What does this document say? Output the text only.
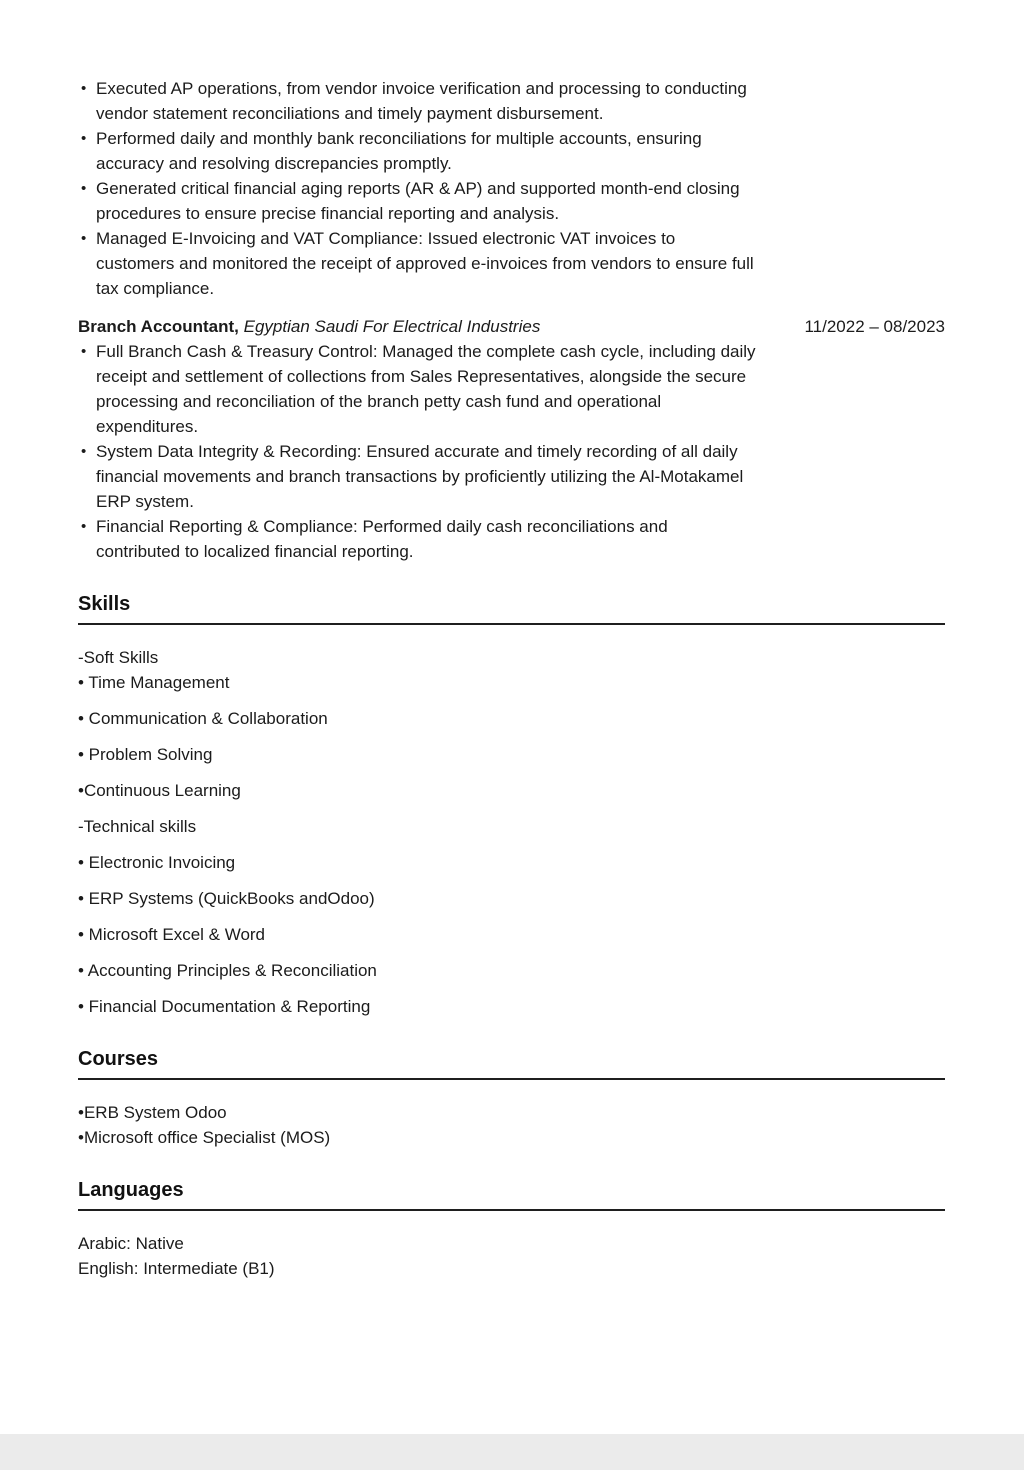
• Executed AP operations, from vendor invoice verification and processing to conducting vendor statement reconciliations and timely payment disbursement.
• Performed daily and monthly bank reconciliations for multiple accounts, ensuring accuracy and resolving discrepancies promptly.
• Generated critical financial aging reports (AR & AP) and supported month-end closing procedures to ensure precise financial reporting and analysis.
• Managed E-Invoicing and VAT Compliance: Issued electronic VAT invoices to customers and monitored the receipt of approved e-invoices from vendors to ensure full tax compliance.
Branch Accountant, Egyptian Saudi For Electrical Industries	11/2022 – 08/2023
• Full Branch Cash & Treasury Control: Managed the complete cash cycle, including daily receipt and settlement of collections from Sales Representatives, alongside the secure processing and reconciliation of the branch petty cash fund and operational expenditures.
• System Data Integrity & Recording: Ensured accurate and timely recording of all daily financial movements and branch transactions by proficiently utilizing the Al-Motakamel ERP system.
• Financial Reporting & Compliance: Performed daily cash reconciliations and contributed to localized financial reporting.
Skills
-Soft Skills
• Time Management
• Communication & Collaboration
• Problem Solving
•Continuous Learning
-Technical skills
• Electronic Invoicing
• ERP Systems (QuickBooks andOdoo)
• Microsoft Excel & Word
• Accounting Principles & Reconciliation
• Financial Documentation & Reporting
Courses
•ERB System Odoo
•Microsoft office Specialist (MOS)
Languages
Arabic: Native
English: Intermediate (B1)
